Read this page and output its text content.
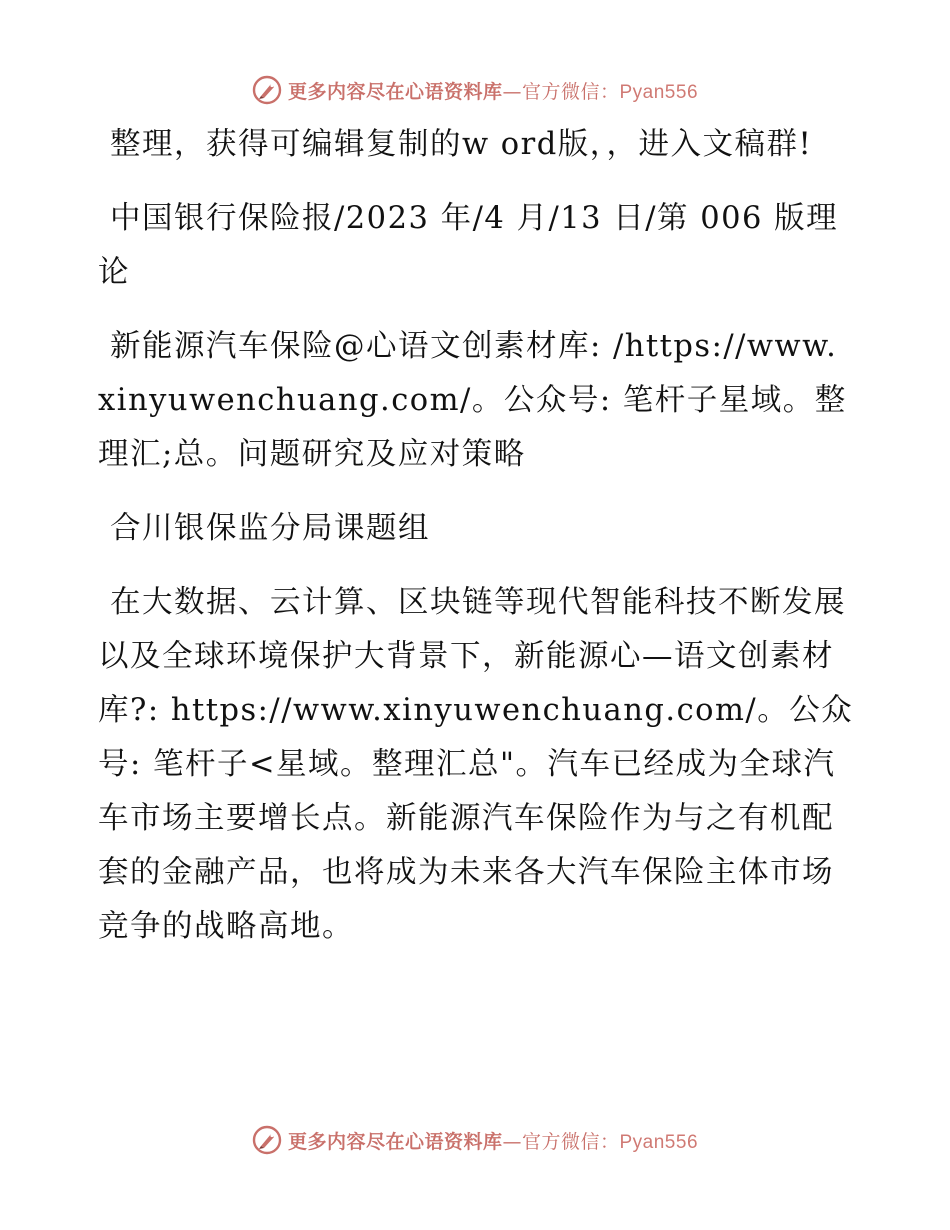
更多内容尽在心语资料库—官方微信：Pyan556

整理，获得可编辑复制的w ord版，，进入文稿群!

中国银行保险报/2023 年/4 月/13 日/第 006 版理论

新能源汽车保险@心语文创素材库: /https://www.xinyuwenchuang.com/。公众号: 笔杆子星域。整理汇;总。问题研究及应对策略

合川银保监分局课题组

在大数据、云计算、区块链等现代智能科技不断发展以及全球环境保护大背景下，新能源心—语文创素材库?: https://www.xinyuwenchuang.com/。公众号: 笔杆子<星域。整理汇总"。汽车已经成为全球汽车市场主要增长点。新能源汽车保险作为与之有机配套的金融产品，也将成为未来各大汽车保险主体市场竞争的战略高地。

更多内容尽在心语资料库—官方微信：Pyan556
